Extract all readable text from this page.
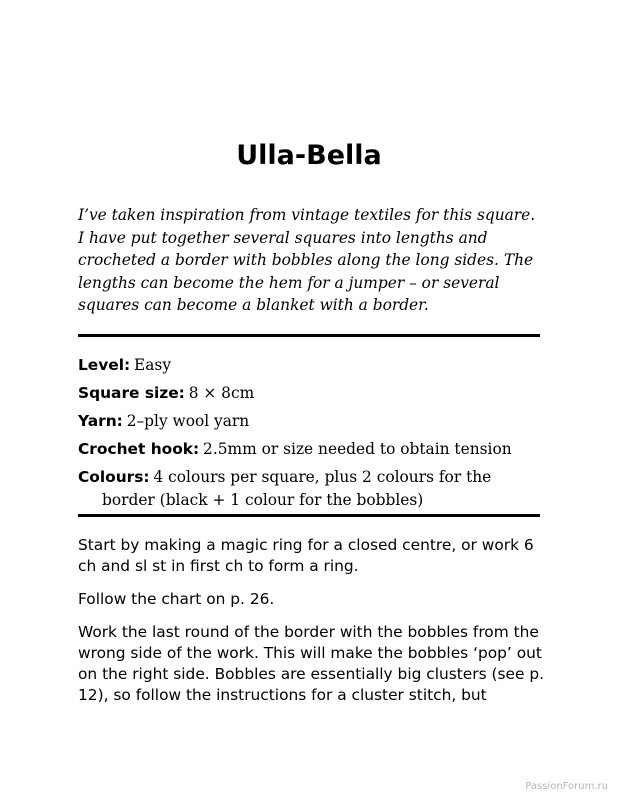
Ulla-Bella

I’ve taken inspiration from vintage textiles for this square.
I have put together several squares into lengths and
crocheted a border with bobbles along the long sides. The
lengths can become the hem for a jumper – or several
squares can become a blanket with a border.

Level: Easy
Square size: 8 × 8cm
Yarn: 2–ply wool yarn
Crochet hook: 2.5mm or size needed to obtain tension
Colours: 4 colours per square, plus 2 colours for the border (black + 1 colour for the bobbles)

Start by making a magic ring for a closed centre, or work 6
ch and sl st in first ch to form a ring.

Follow the chart on p. 26.

Work the last round of the border with the bobbles from the
wrong side of the work. This will make the bobbles ‘pop’ out
on the right side. Bobbles are essentially big clusters (see p.
12), so follow the instructions for a cluster stitch, but

PassionForum.ru
